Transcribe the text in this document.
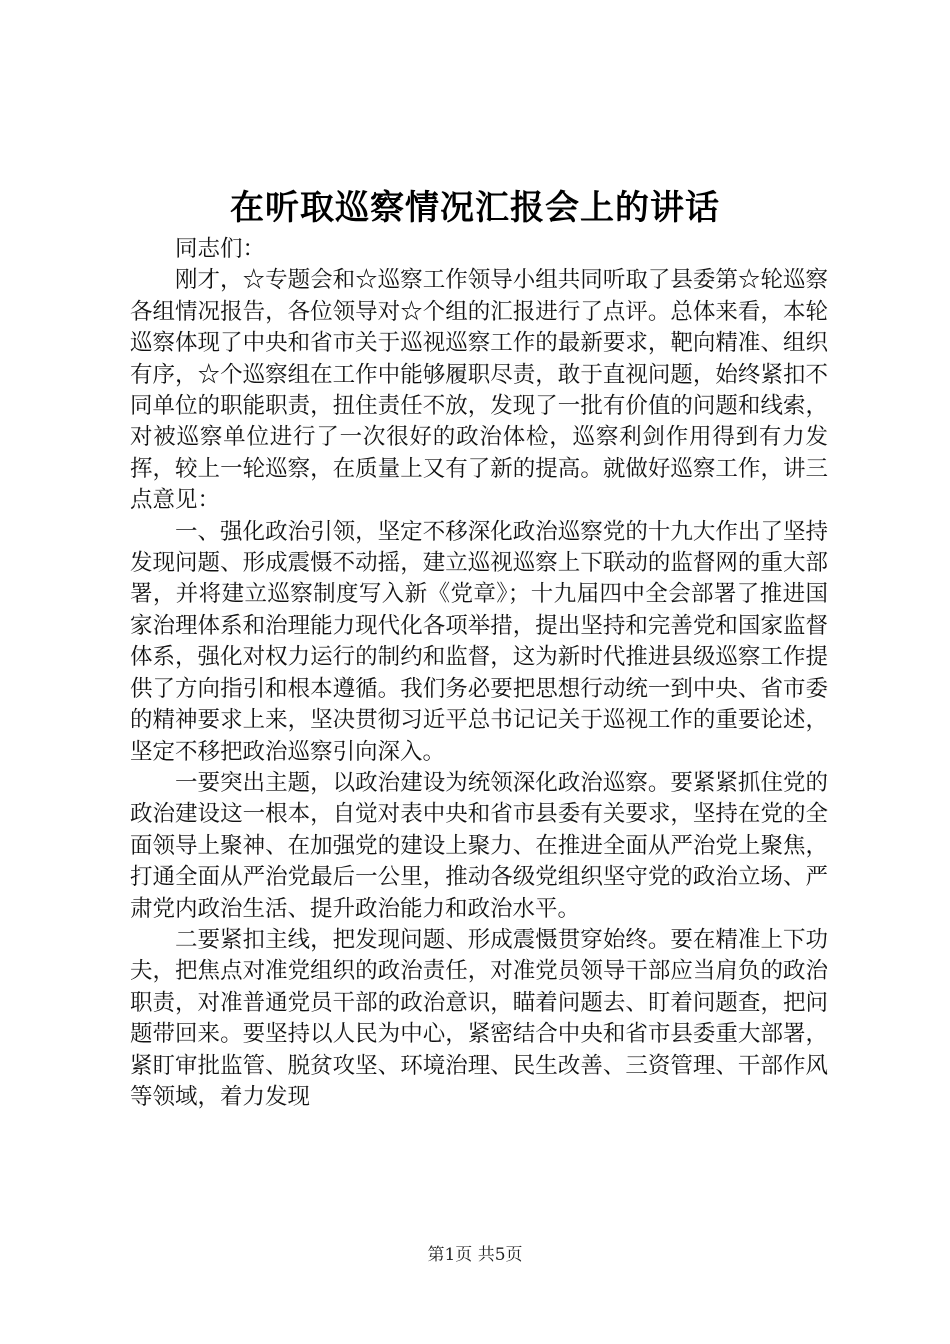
在听取巡察情况汇报会上的讲话

同志们：

刚才，☆专题会和☆巡察工作领导小组共同听取了县委第☆轮巡察各组情况报告，各位领导对☆个组的汇报进行了点评。总体来看，本轮巡察体现了中央和省市关于巡视巡察工作的最新要求，靶向精准、组织有序，☆个巡察组在工作中能够履职尽责，敢于直视问题，始终紧扣不同单位的职能职责，扭住责任不放，发现了一批有价值的问题和线索，对被巡察单位进行了一次很好的政治体检，巡察利剑作用得到有力发挥，较上一轮巡察，在质量上又有了新的提高。就做好巡察工作，讲三点意见：

一、强化政治引领，坚定不移深化政治巡察党的十九大作出了坚持发现问题、形成震慑不动摇，建立巡视巡察上下联动的监督网的重大部署，并将建立巡察制度写入新《党章》；十九届四中全会部署了推进国家治理体系和治理能力现代化各项举措，提出坚持和完善党和国家监督体系，强化对权力运行的制约和监督，这为新时代推进县级巡察工作提供了方向指引和根本遵循。我们务必要把思想行动统一到中央、省市委的精神要求上来，坚决贯彻习近平总书记记关于巡视工作的重要论述，坚定不移把政治巡察引向深入。

一要突出主题，以政治建设为统领深化政治巡察。要紧紧抓住党的政治建设这一根本，自觉对表中央和省市县委有关要求，坚持在党的全面领导上聚神、在加强党的建设上聚力、在推进全面从严治党上聚焦，打通全面从严治党最后一公里，推动各级党组织坚守党的政治立场、严肃党内政治生活、提升政治能力和政治水平。

二要紧扣主线，把发现问题、形成震慑贯穿始终。要在精准上下功夫，把焦点对准党组织的政治责任，对准党员领导干部应当肩负的政治职责，对准普通党员干部的政治意识，瞄着问题去、盯着问题查，把问题带回来。要坚持以人民为中心，紧密结合中央和省市县委重大部署，紧盯审批监管、脱贫攻坚、环境治理、民生改善、三资管理、干部作风等领域，着力发现

第1页 共5页
